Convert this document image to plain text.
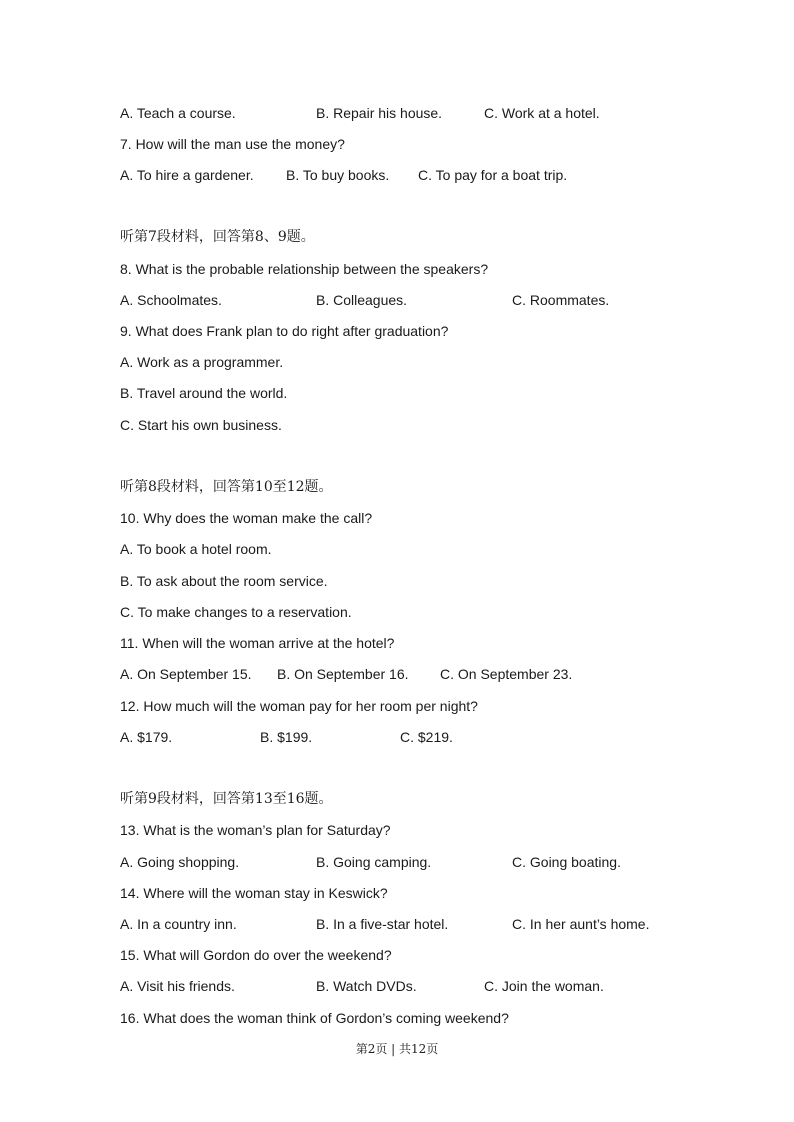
A. Teach a course.	B. Repair his house.	C. Work at a hotel.
7. How will the man use the money?
A. To hire a gardener. B. To buy books. C. To pay for a boat trip.
听第7段材料，回答第8、9题。
8. What is the probable relationship between the speakers?
A. Schoolmates.	B. Colleagues.	C. Roommates.
9. What does Frank plan to do right after graduation?
A. Work as a programmer.
B. Travel around the world.
C. Start his own business.
听第8段材料，回答第10至12题。
10. Why does the woman make the call?
A. To book a hotel room.
B. To ask about the room service.
C. To make changes to a reservation.
11. When will the woman arrive at the hotel?
A. On September 15. B. On September 16. C. On September 23.
12. How much will the woman pay for her room per night?
A. $179.	B. $199.	C. $219.
听第9段材料，回答第13至16题。
13. What is the woman’s plan for Saturday?
A. Going shopping.	B. Going camping.	C. Going boating.
14. Where will the woman stay in Keswick?
A. In a country inn.	B. In a five-star hotel.	C. In her aunt’s home.
15. What will Gordon do over the weekend?
A. Visit his friends.	B. Watch DVDs.	C. Join the woman.
16. What does the woman think of Gordon’s coming weekend?
第2页 | 共12页
